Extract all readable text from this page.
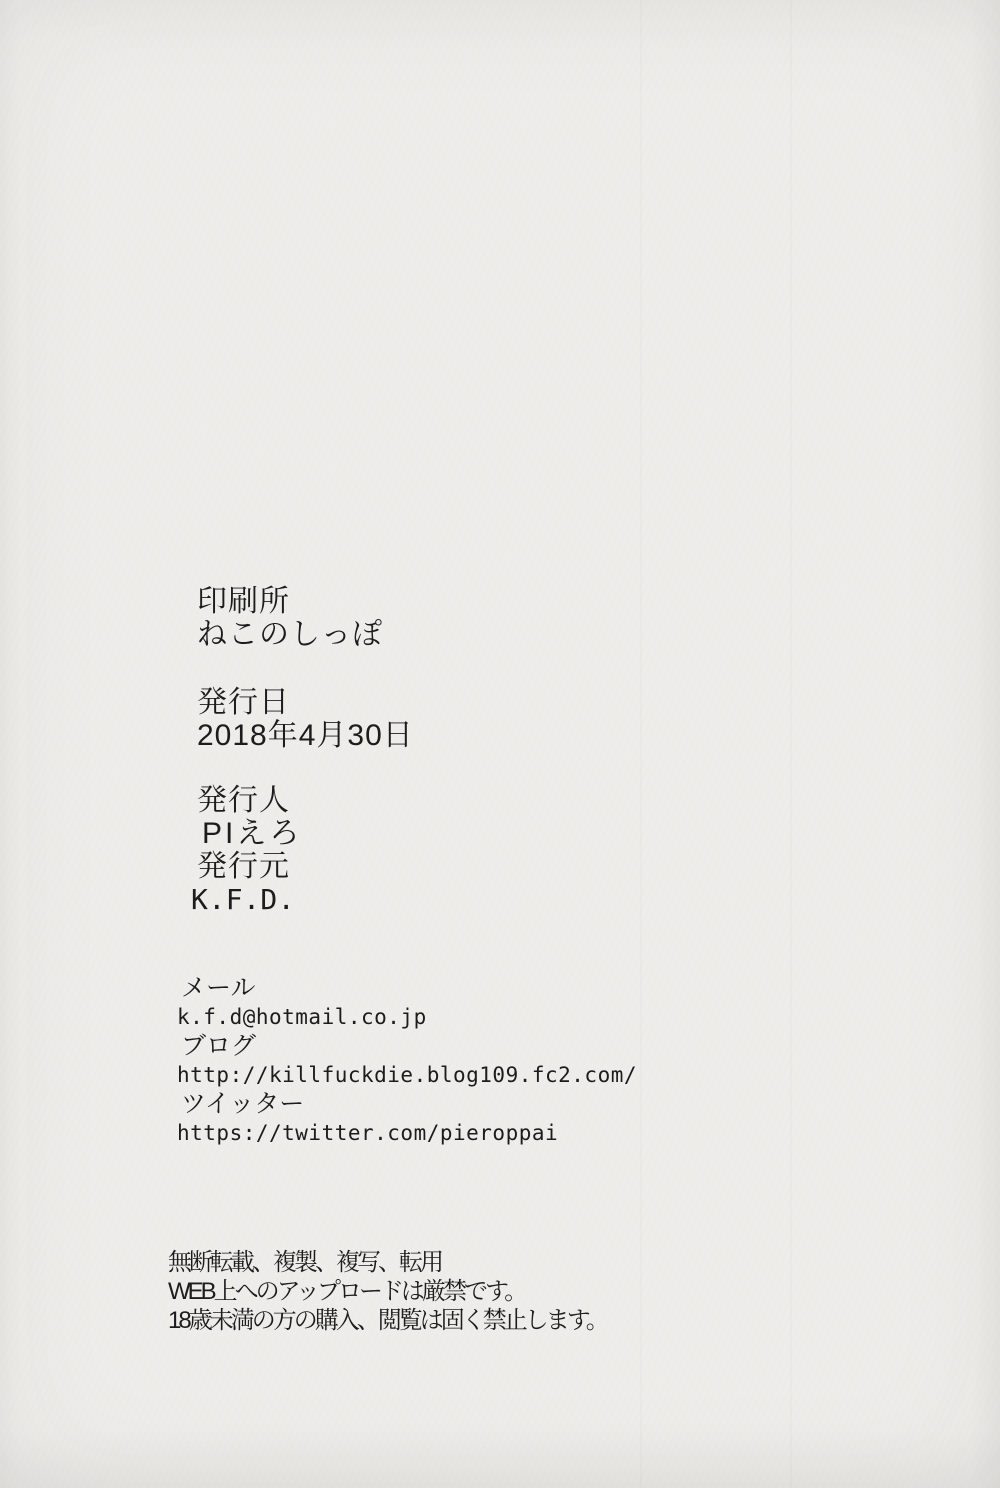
印刷所
ねこのしっぽ
発行日
2018年4月30日
発行人
PIえろ
発行元
K.F.D.
メール
k.f.d@hotmail.co.jp
ブログ
http://killfuckdie.blog109.fc2.com/
ツイッター
https://twitter.com/pieroppai
無断転載、複製、複写、転用
WEB上へのアップロードは厳禁です。
18歳未満の方の購入、閲覧は固く禁止します。
